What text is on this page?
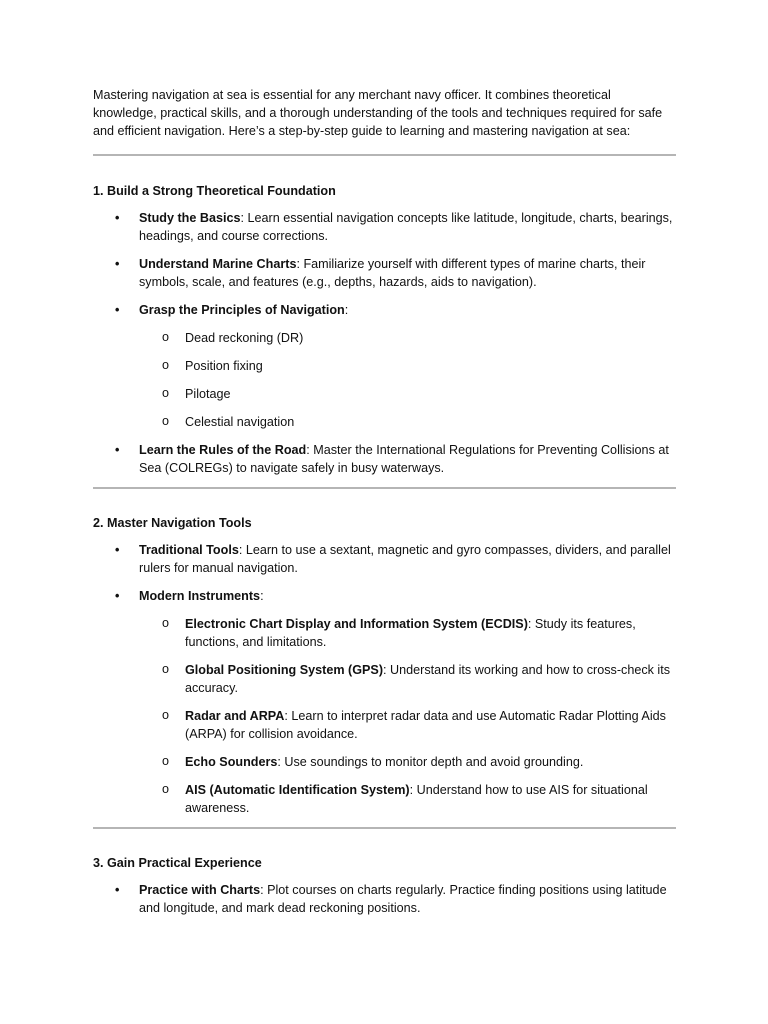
Mastering navigation at sea is essential for any merchant navy officer. It combines theoretical knowledge, practical skills, and a thorough understanding of the tools and techniques required for safe and efficient navigation. Here’s a step-by-step guide to learning and mastering navigation at sea:

1. Build a Strong Theoretical Foundation

•	Study the Basics: Learn essential navigation concepts like latitude, longitude, charts, bearings, headings, and course corrections.
•	Understand Marine Charts: Familiarize yourself with different types of marine charts, their symbols, scale, and features (e.g., depths, hazards, aids to navigation).
•	Grasp the Principles of Navigation:
o Dead reckoning (DR)
o Position fixing
o Pilotage
o Celestial navigation
•	Learn the Rules of the Road: Master the International Regulations for Preventing Collisions at Sea (COLREGs) to navigate safely in busy waterways.

2. Master Navigation Tools

•	Traditional Tools: Learn to use a sextant, magnetic and gyro compasses, dividers, and parallel rulers for manual navigation.
•	Modern Instruments:
o Electronic Chart Display and Information System (ECDIS): Study its features, functions, and limitations.
o Global Positioning System (GPS): Understand its working and how to cross-check its accuracy.
o Radar and ARPA: Learn to interpret radar data and use Automatic Radar Plotting Aids (ARPA) for collision avoidance.
o Echo Sounders: Use soundings to monitor depth and avoid grounding.
o AIS (Automatic Identification System): Understand how to use AIS for situational awareness.

3. Gain Practical Experience

•	Practice with Charts: Plot courses on charts regularly. Practice finding positions using latitude and longitude, and mark dead reckoning positions.
